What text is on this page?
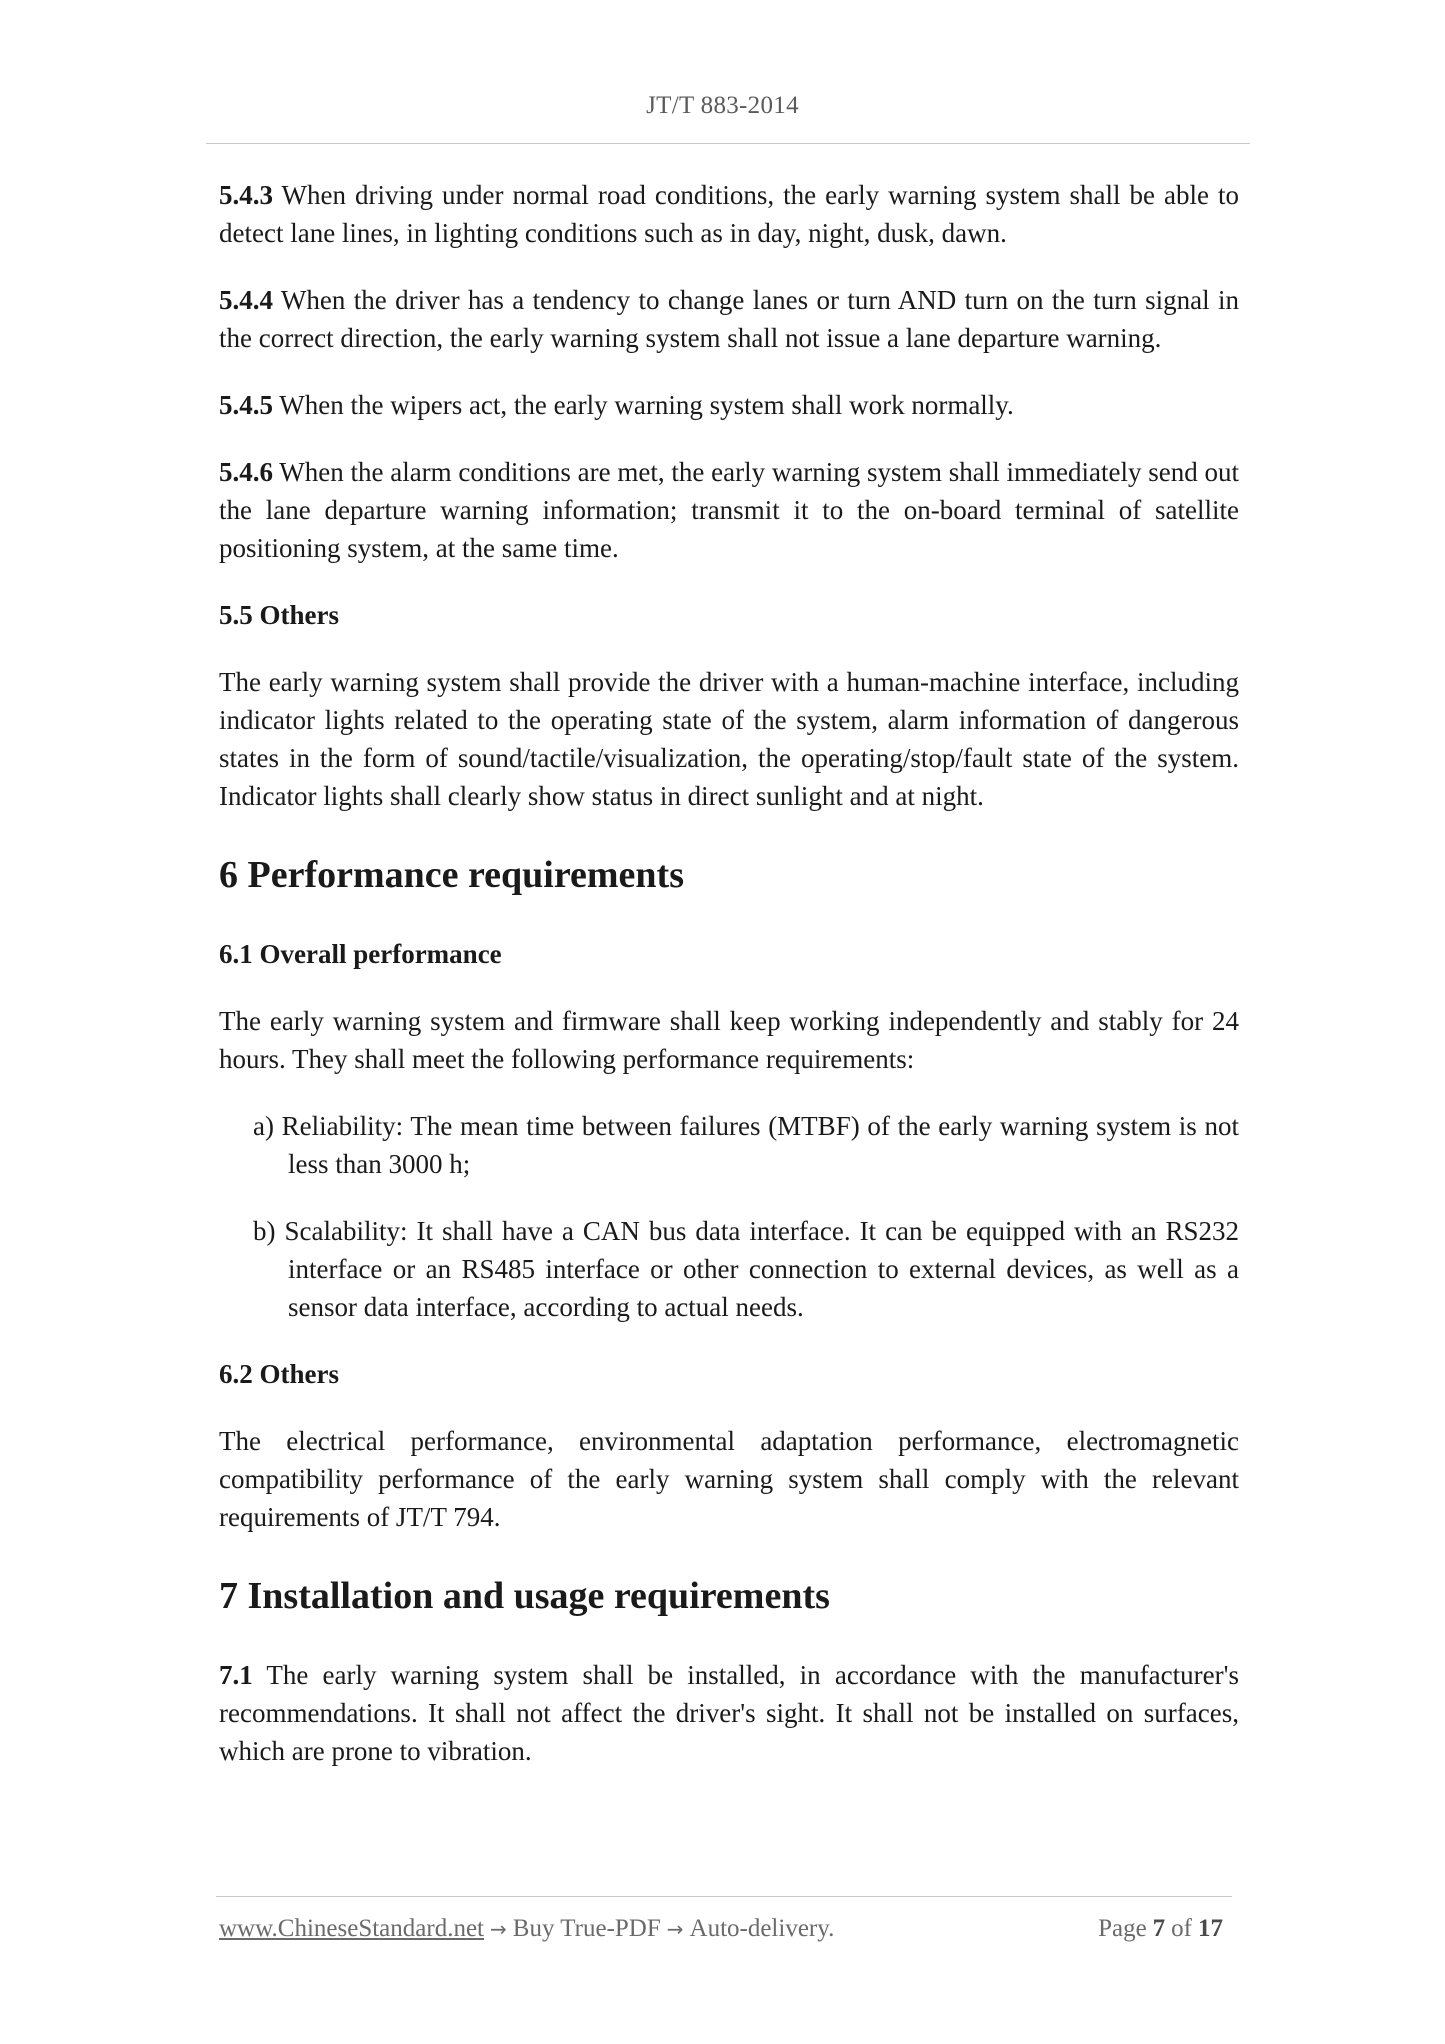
JT/T 883-2014

5.4.3 When driving under normal road conditions, the early warning system shall be able to detect lane lines, in lighting conditions such as in day, night, dusk, dawn.

5.4.4 When the driver has a tendency to change lanes or turn AND turn on the turn signal in the correct direction, the early warning system shall not issue a lane departure warning.

5.4.5 When the wipers act, the early warning system shall work normally.

5.4.6 When the alarm conditions are met, the early warning system shall immediately send out the lane departure warning information; transmit it to the on-board terminal of satellite positioning system, at the same time.

5.5 Others

The early warning system shall provide the driver with a human-machine interface, including indicator lights related to the operating state of the system, alarm information of dangerous states in the form of sound/tactile/visualization, the operating/stop/fault state of the system. Indicator lights shall clearly show status in direct sunlight and at night.

6 Performance requirements
6.1 Overall performance

The early warning system and firmware shall keep working independently and stably for 24 hours. They shall meet the following performance requirements:

a) Reliability: The mean time between failures (MTBF) of the early warning system is not less than 3000 h;

b) Scalability: It shall have a CAN bus data interface. It can be equipped with an RS232 interface or an RS485 interface or other connection to external devices, as well as a sensor data interface, according to actual needs.

6.2 Others

The electrical performance, environmental adaptation performance, electromagnetic compatibility performance of the early warning system shall comply with the relevant requirements of JT/T 794.

7 Installation and usage requirements

7.1 The early warning system shall be installed, in accordance with the manufacturer's recommendations. It shall not affect the driver's sight. It shall not be installed on surfaces, which are prone to vibration.

www.ChineseStandard.net → Buy True-PDF → Auto-delivery.	Page 7 of 17
